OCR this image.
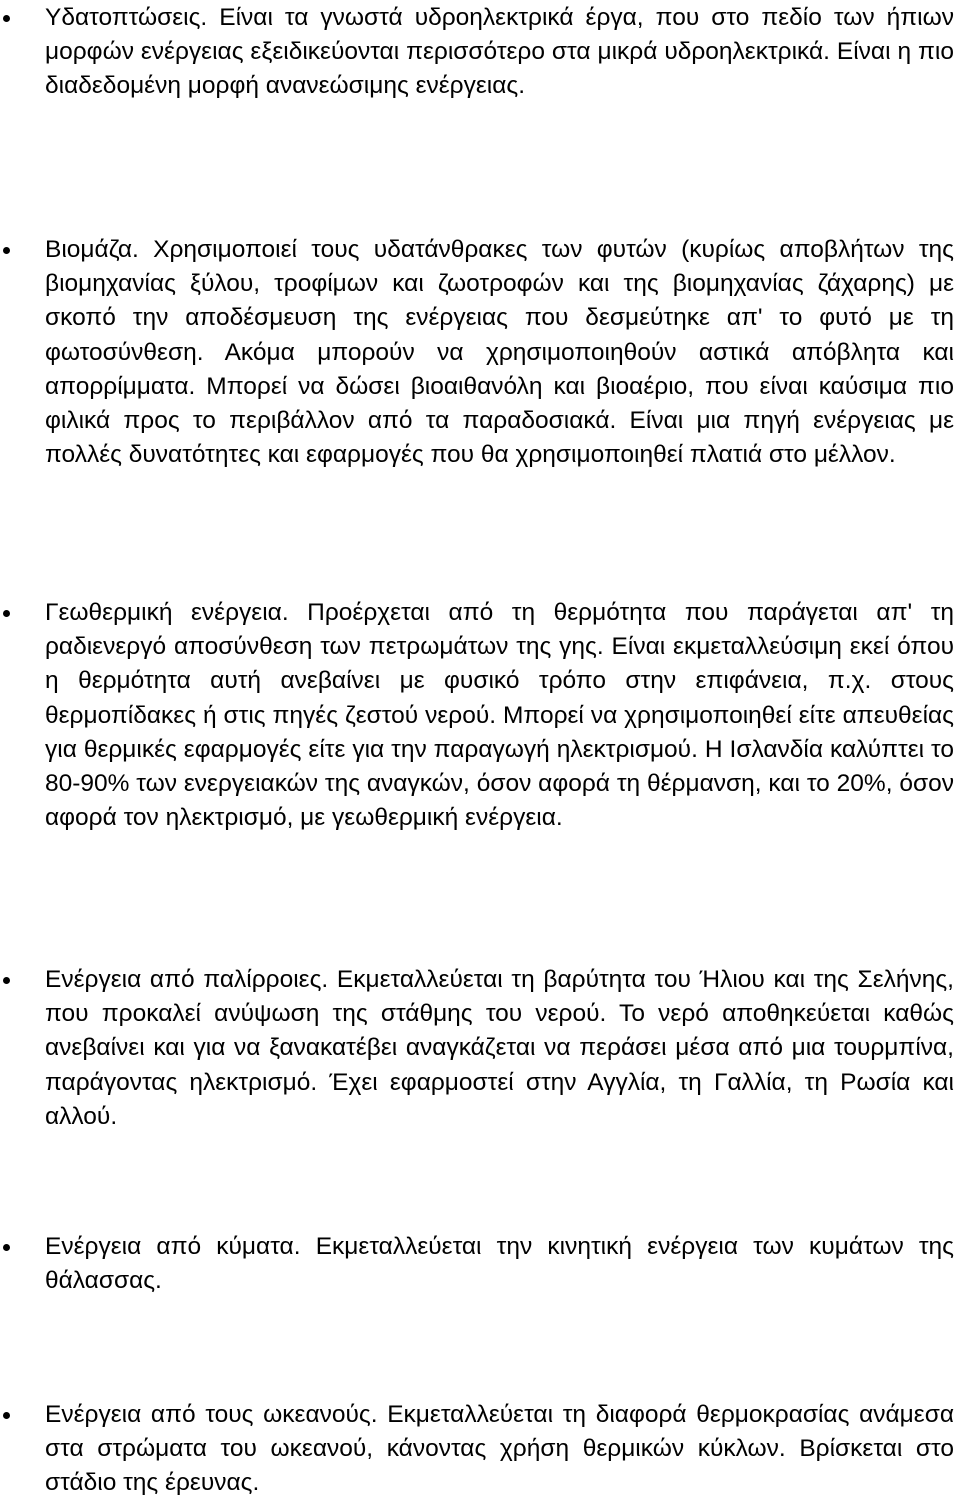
Υδατοπτώσεις. Είναι τα γνωστά υδροηλεκτρικά έργα, που στο πεδίο των ήπιων μορφών ενέργειας εξειδικεύονται περισσότερο στα μικρά υδροηλεκτρικά. Είναι η πιο διαδεδομένη μορφή ανανεώσιμης ενέργειας.
Βιομάζα. Χρησιμοποιεί τους υδατάνθρακες των φυτών (κυρίως αποβλήτων της βιομηχανίας ξύλου, τροφίμων και ζωοτροφών και της βιομηχανίας ζάχαρης) με σκοπό την αποδέσμευση της ενέργειας που δεσμεύτηκε απ' το φυτό με τη φωτοσύνθεση. Ακόμα μπορούν να χρησιμοποιηθούν αστικά απόβλητα και απορρίμματα. Μπορεί να δώσει βιοαιθανόλη και βιοαέριο, που είναι καύσιμα πιο φιλικά προς το περιβάλλον από τα παραδοσιακά. Είναι μια πηγή ενέργειας με πολλές δυνατότητες και εφαρμογές που θα χρησιμοποιηθεί πλατιά στο μέλλον.
Γεωθερμική ενέργεια. Προέρχεται από τη θερμότητα που παράγεται απ' τη ραδιενεργό αποσύνθεση των πετρωμάτων της γης. Είναι εκμεταλλεύσιμη εκεί όπου η θερμότητα αυτή ανεβαίνει με φυσικό τρόπο στην επιφάνεια, π.χ. στους θερμοπίδακες ή στις πηγές ζεστού νερού. Μπορεί να χρησιμοποιηθεί είτε απευθείας για θερμικές εφαρμογές είτε για την παραγωγή ηλεκτρισμού. Η Ισλανδία καλύπτει το 80-90% των ενεργειακών της αναγκών, όσον αφορά τη θέρμανση, και το 20%, όσον αφορά τον ηλεκτρισμό, με γεωθερμική ενέργεια.
Ενέργεια από παλίρροιες. Εκμεταλλεύεται τη βαρύτητα του Ήλιου και της Σελήνης, που προκαλεί ανύψωση της στάθμης του νερού. Το νερό αποθηκεύεται καθώς ανεβαίνει και για να ξανακατέβει αναγκάζεται να περάσει μέσα από μια τουρμπίνα, παράγοντας ηλεκτρισμό. Έχει εφαρμοστεί στην Αγγλία, τη Γαλλία, τη Ρωσία και αλλού.
Ενέργεια από κύματα. Εκμεταλλεύεται την κινητική ενέργεια των κυμάτων της θάλασσας.
Ενέργεια από τους ωκεανούς. Εκμεταλλεύεται τη διαφορά θερμοκρασίας ανάμεσα στα στρώματα του ωκεανού, κάνοντας χρήση θερμικών κύκλων. Βρίσκεται στο στάδιο της έρευνας.
